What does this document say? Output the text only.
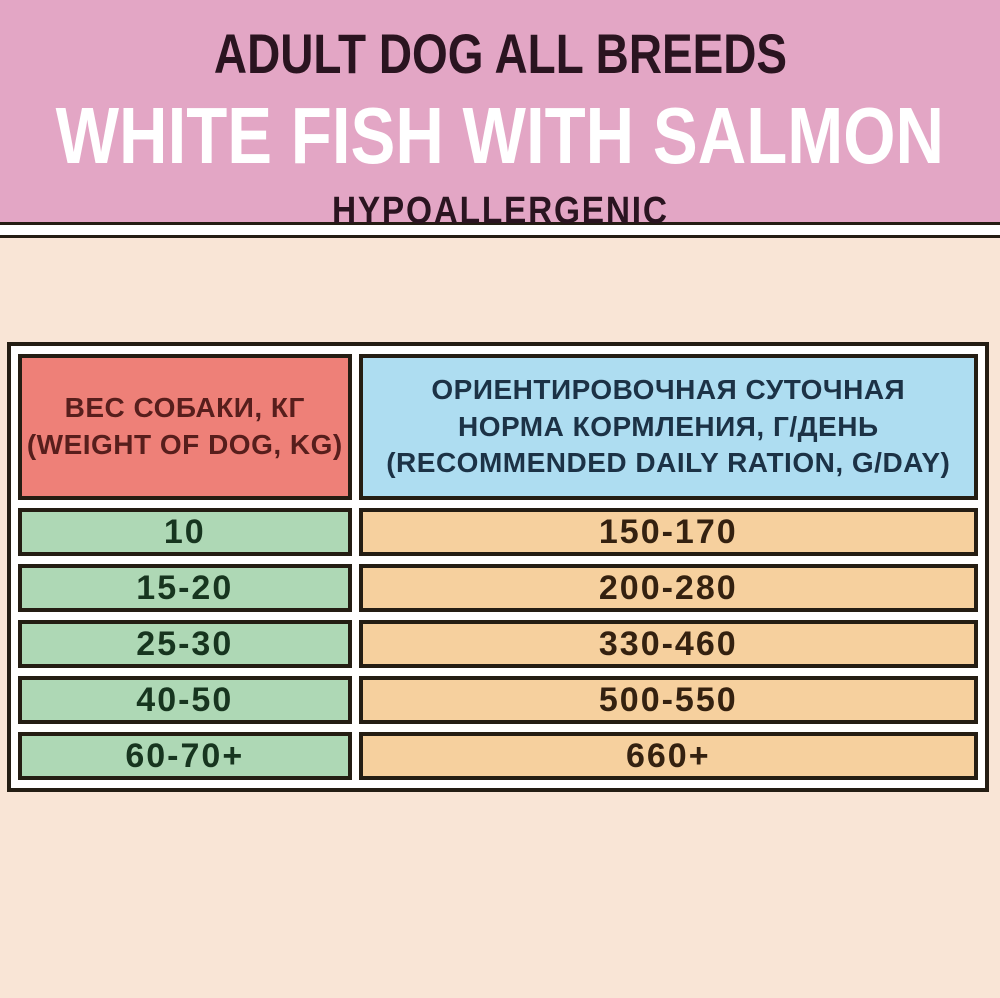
ADULT DOG ALL BREEDS
WHITE FISH WITH SALMON
HYPOALLERGENIC
ВЕС СОБАКИ, КГ
(WEIGHT OF DOG, KG)

ОРИЕНТИРОВОЧНАЯ СУТОЧНАЯ
НОРМА КОРМЛЕНИЯ, Г/ДЕНЬ
(RECOMMENDED DAILY RATION, G/DAY)

10	150-170
15-20	200-280
25-30	330-460
40-50	500-550
60-70+	660+
